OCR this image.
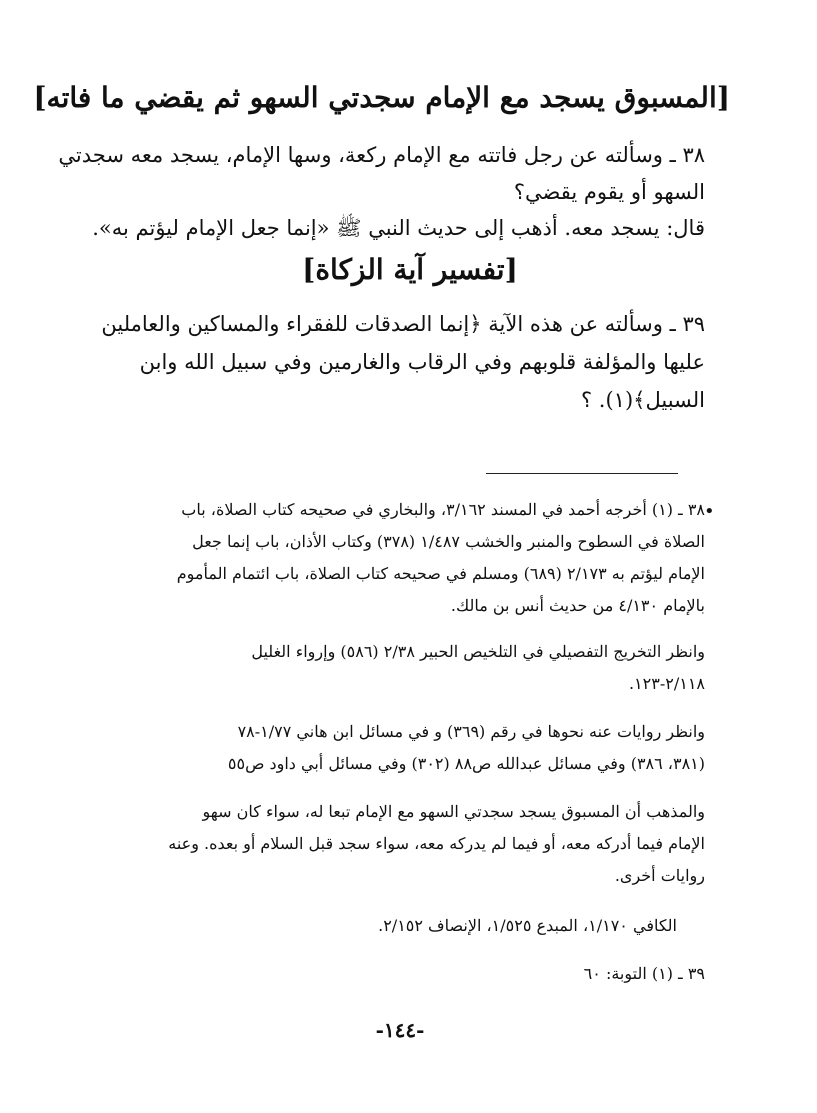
[المسبوق يسجد مع الإمام سجدتي السهو ثم يقضي ما فاته]
٣٨ ـ وسألته عن رجل فاتته مع الإمام ركعة، وسها الإمام، يسجد معه سجدتي
السهو أو يقوم يقضي؟
قال: يسجد معه. أذهب إلى حديث النبي ﷺ «إنما جعل الإمام ليؤتم به».
[تفسير آية الزكاة]
٣٩ ـ وسألته عن هذه الآية ﴿إنما الصدقات للفقراء والمساكين والعاملين
عليها والمؤلفة قلوبهم وفي الرقاب والغارمين وفي سبيل الله وابن
السبيل﴾(١). ؟
•
٣٨ ـ (١) أخرجه أحمد في المسند ٣/١٦٢، والبخاري في صحيحه كتاب الصلاة، باب
الصلاة في السطوح والمنبر والخشب ١/٤٨٧ (٣٧٨) وكتاب الأذان، باب إنما جعل
الإمام ليؤتم به ٢/١٧٣ (٦٨٩) ومسلم في صحيحه كتاب الصلاة، باب ائتمام المأموم
بالإمام ٤/١٣٠ من حديث أنس بن مالك.
وانظر التخريج التفصيلي في التلخيص الحبير ٢/٣٨ (٥٨٦) وإرواء الغليل
٢/١١٨-١٢٣.
وانظر روايات عنه نحوها في رقم (٣٦٩) و في مسائل ابن هاني ١/٧٧-٧٨
(٣٨١، ٣٨٦) وفي مسائل عبدالله ص٨٨ (٣٠٢) وفي مسائل أبي داود ص٥٥
والمذهب أن المسبوق يسجد سجدتي السهو مع الإمام تبعا له، سواء كان سهو
الإمام فيما أدركه معه، أو فيما لم يدركه معه، سواء سجد قبل السلام أو بعده. وعنه
روايات أخرى.
الكافي ١/١٧٠، المبدع ١/٥٢٥، الإنصاف ٢/١٥٢.
٣٩ ـ (١) التوبة: ٦٠
-١٤٤-
